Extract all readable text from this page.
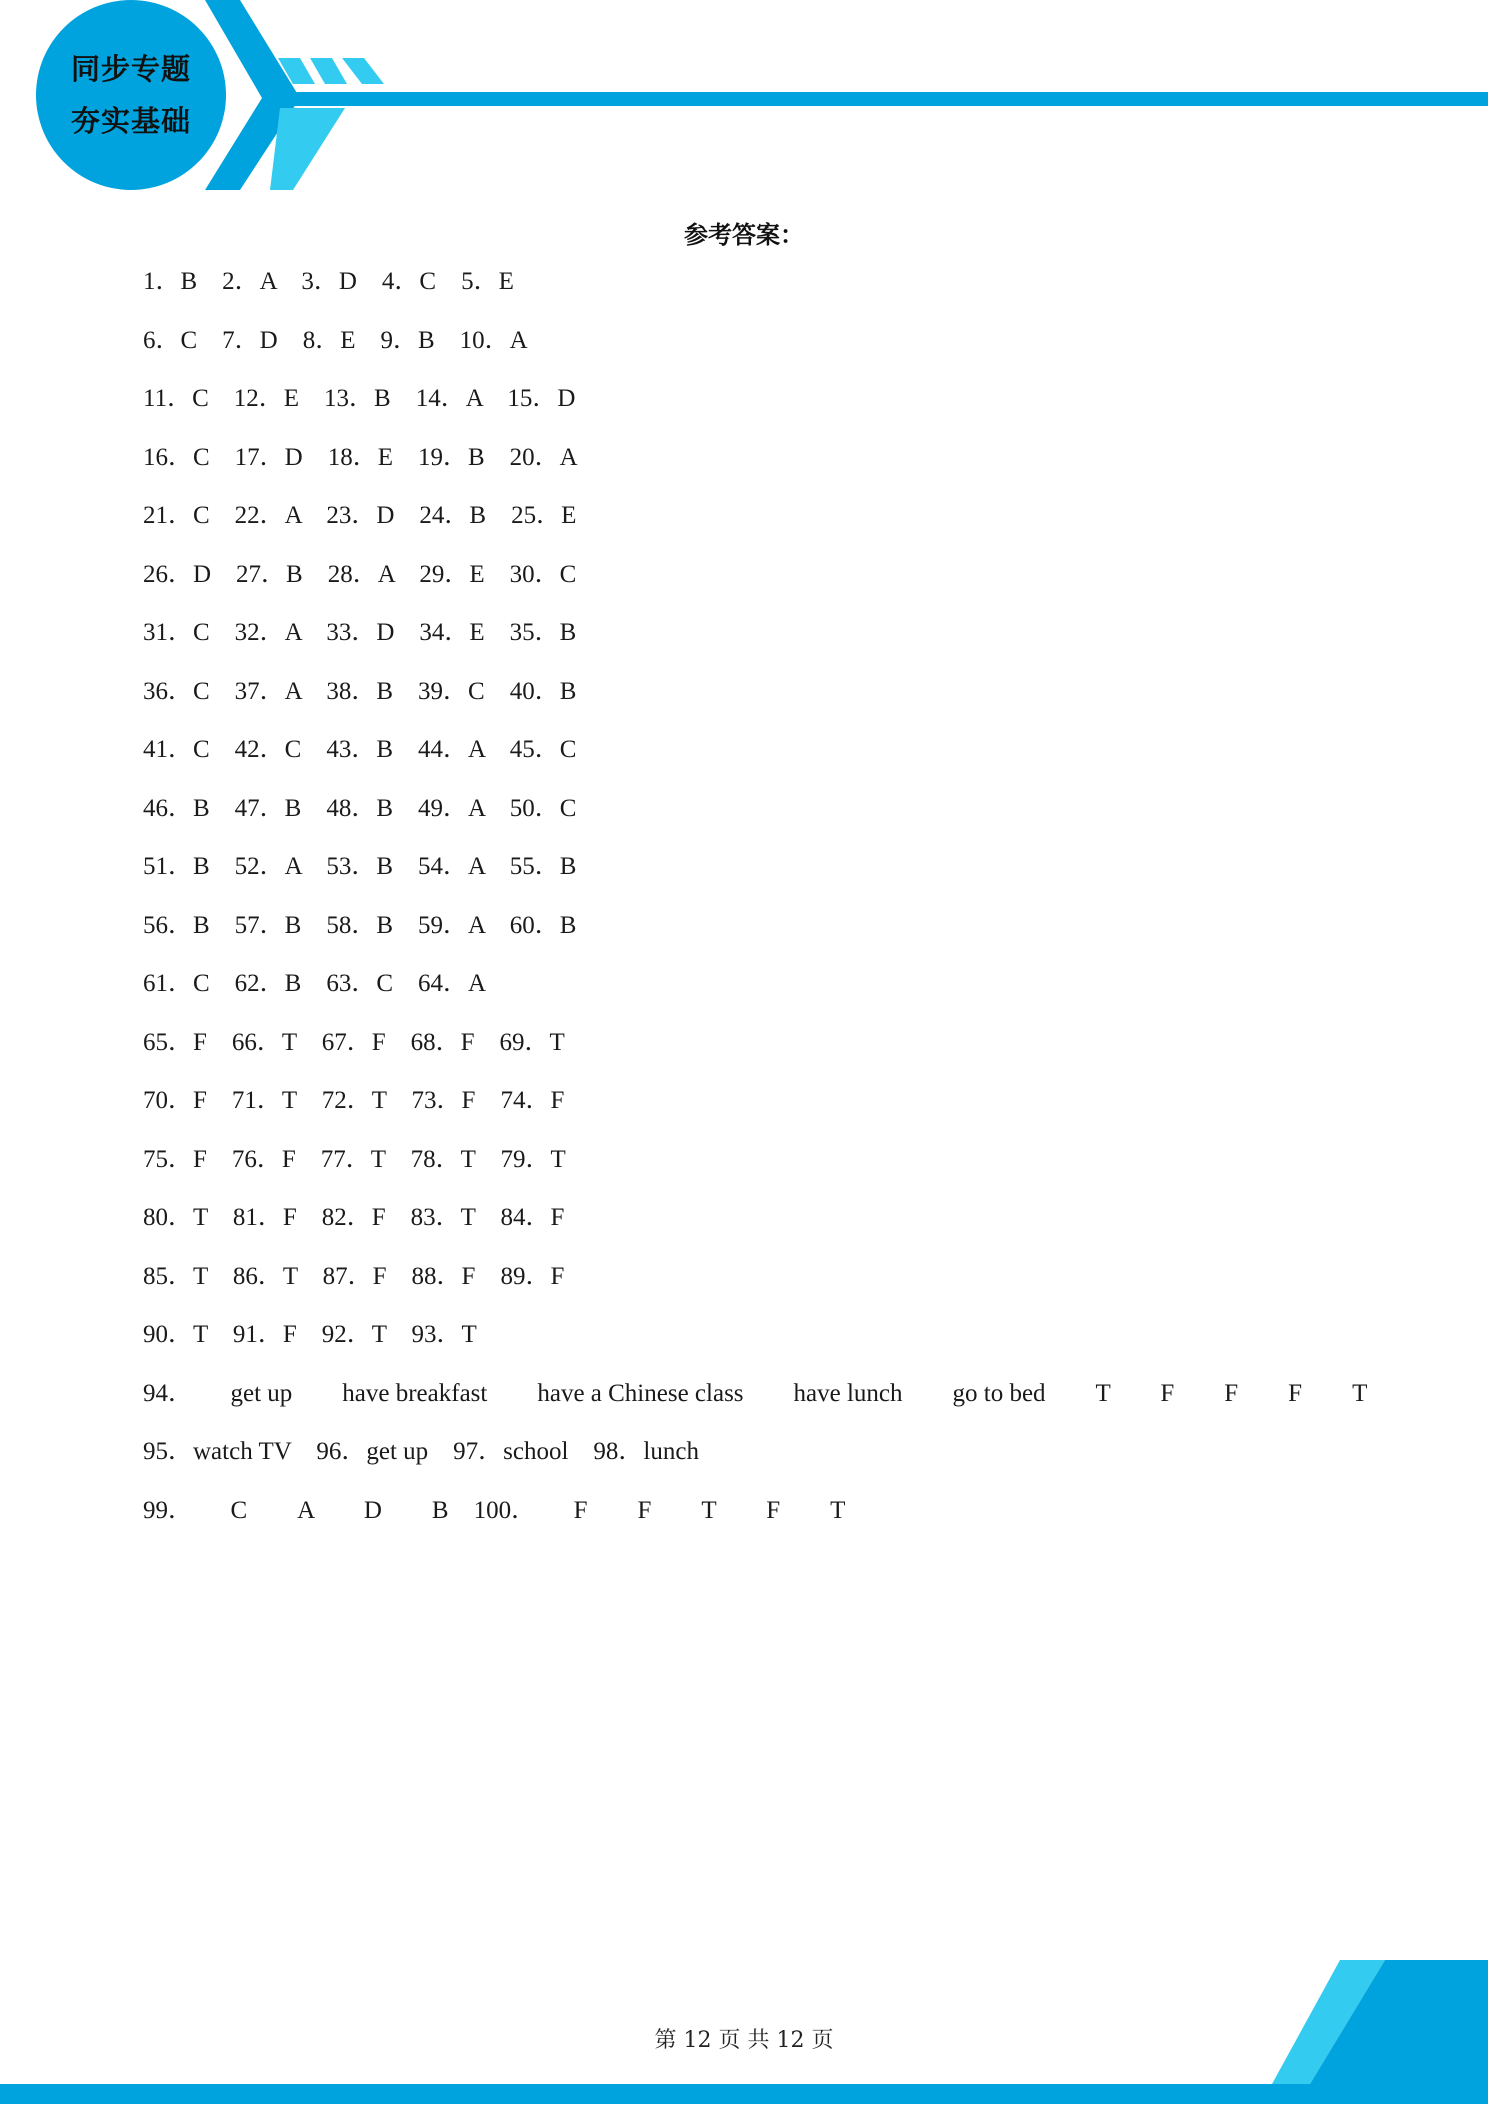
同步专题
夯实基础
参考答案：
1．B　2．A　3．D　4．C　5．E
6．C　7．D　8．E　9．B　10．A
11．C　12．E　13．B　14．A　15．D
16．C　17．D　18．E　19．B　20．A
21．C　22．A　23．D　24．B　25．E
26．D　27．B　28．A　29．E　30．C
31．C　32．A　33．D　34．E　35．B
36．C　37．A　38．B　39．C　40．B
41．C　42．C　43．B　44．A　45．C
46．B　47．B　48．B　49．A　50．C
51．B　52．A　53．B　54．A　55．B
56．B　57．B　58．B　59．A　60．B
61．C　62．B　63．C　64．A
65．F　66．T　67．F　68．F　69．T
70．F　71．T　72．T　73．F　74．F
75．F　76．F　77．T　78．T　79．T
80．T　81．F　82．F　83．T　84．F
85．T　86．T　87．F　88．F　89．F
90．T　91．F　92．T　93．T
94．　　get up　　have breakfast　　have a Chinese class　　have lunch　　go to bed　　T　　F　　F　　F　　T
95．watch TV　96．get up　97．school　98．lunch
99．　　C　　A　　D　　B　100．　　F　　F　　T　　F　　T
第 12 页 共 12 页
